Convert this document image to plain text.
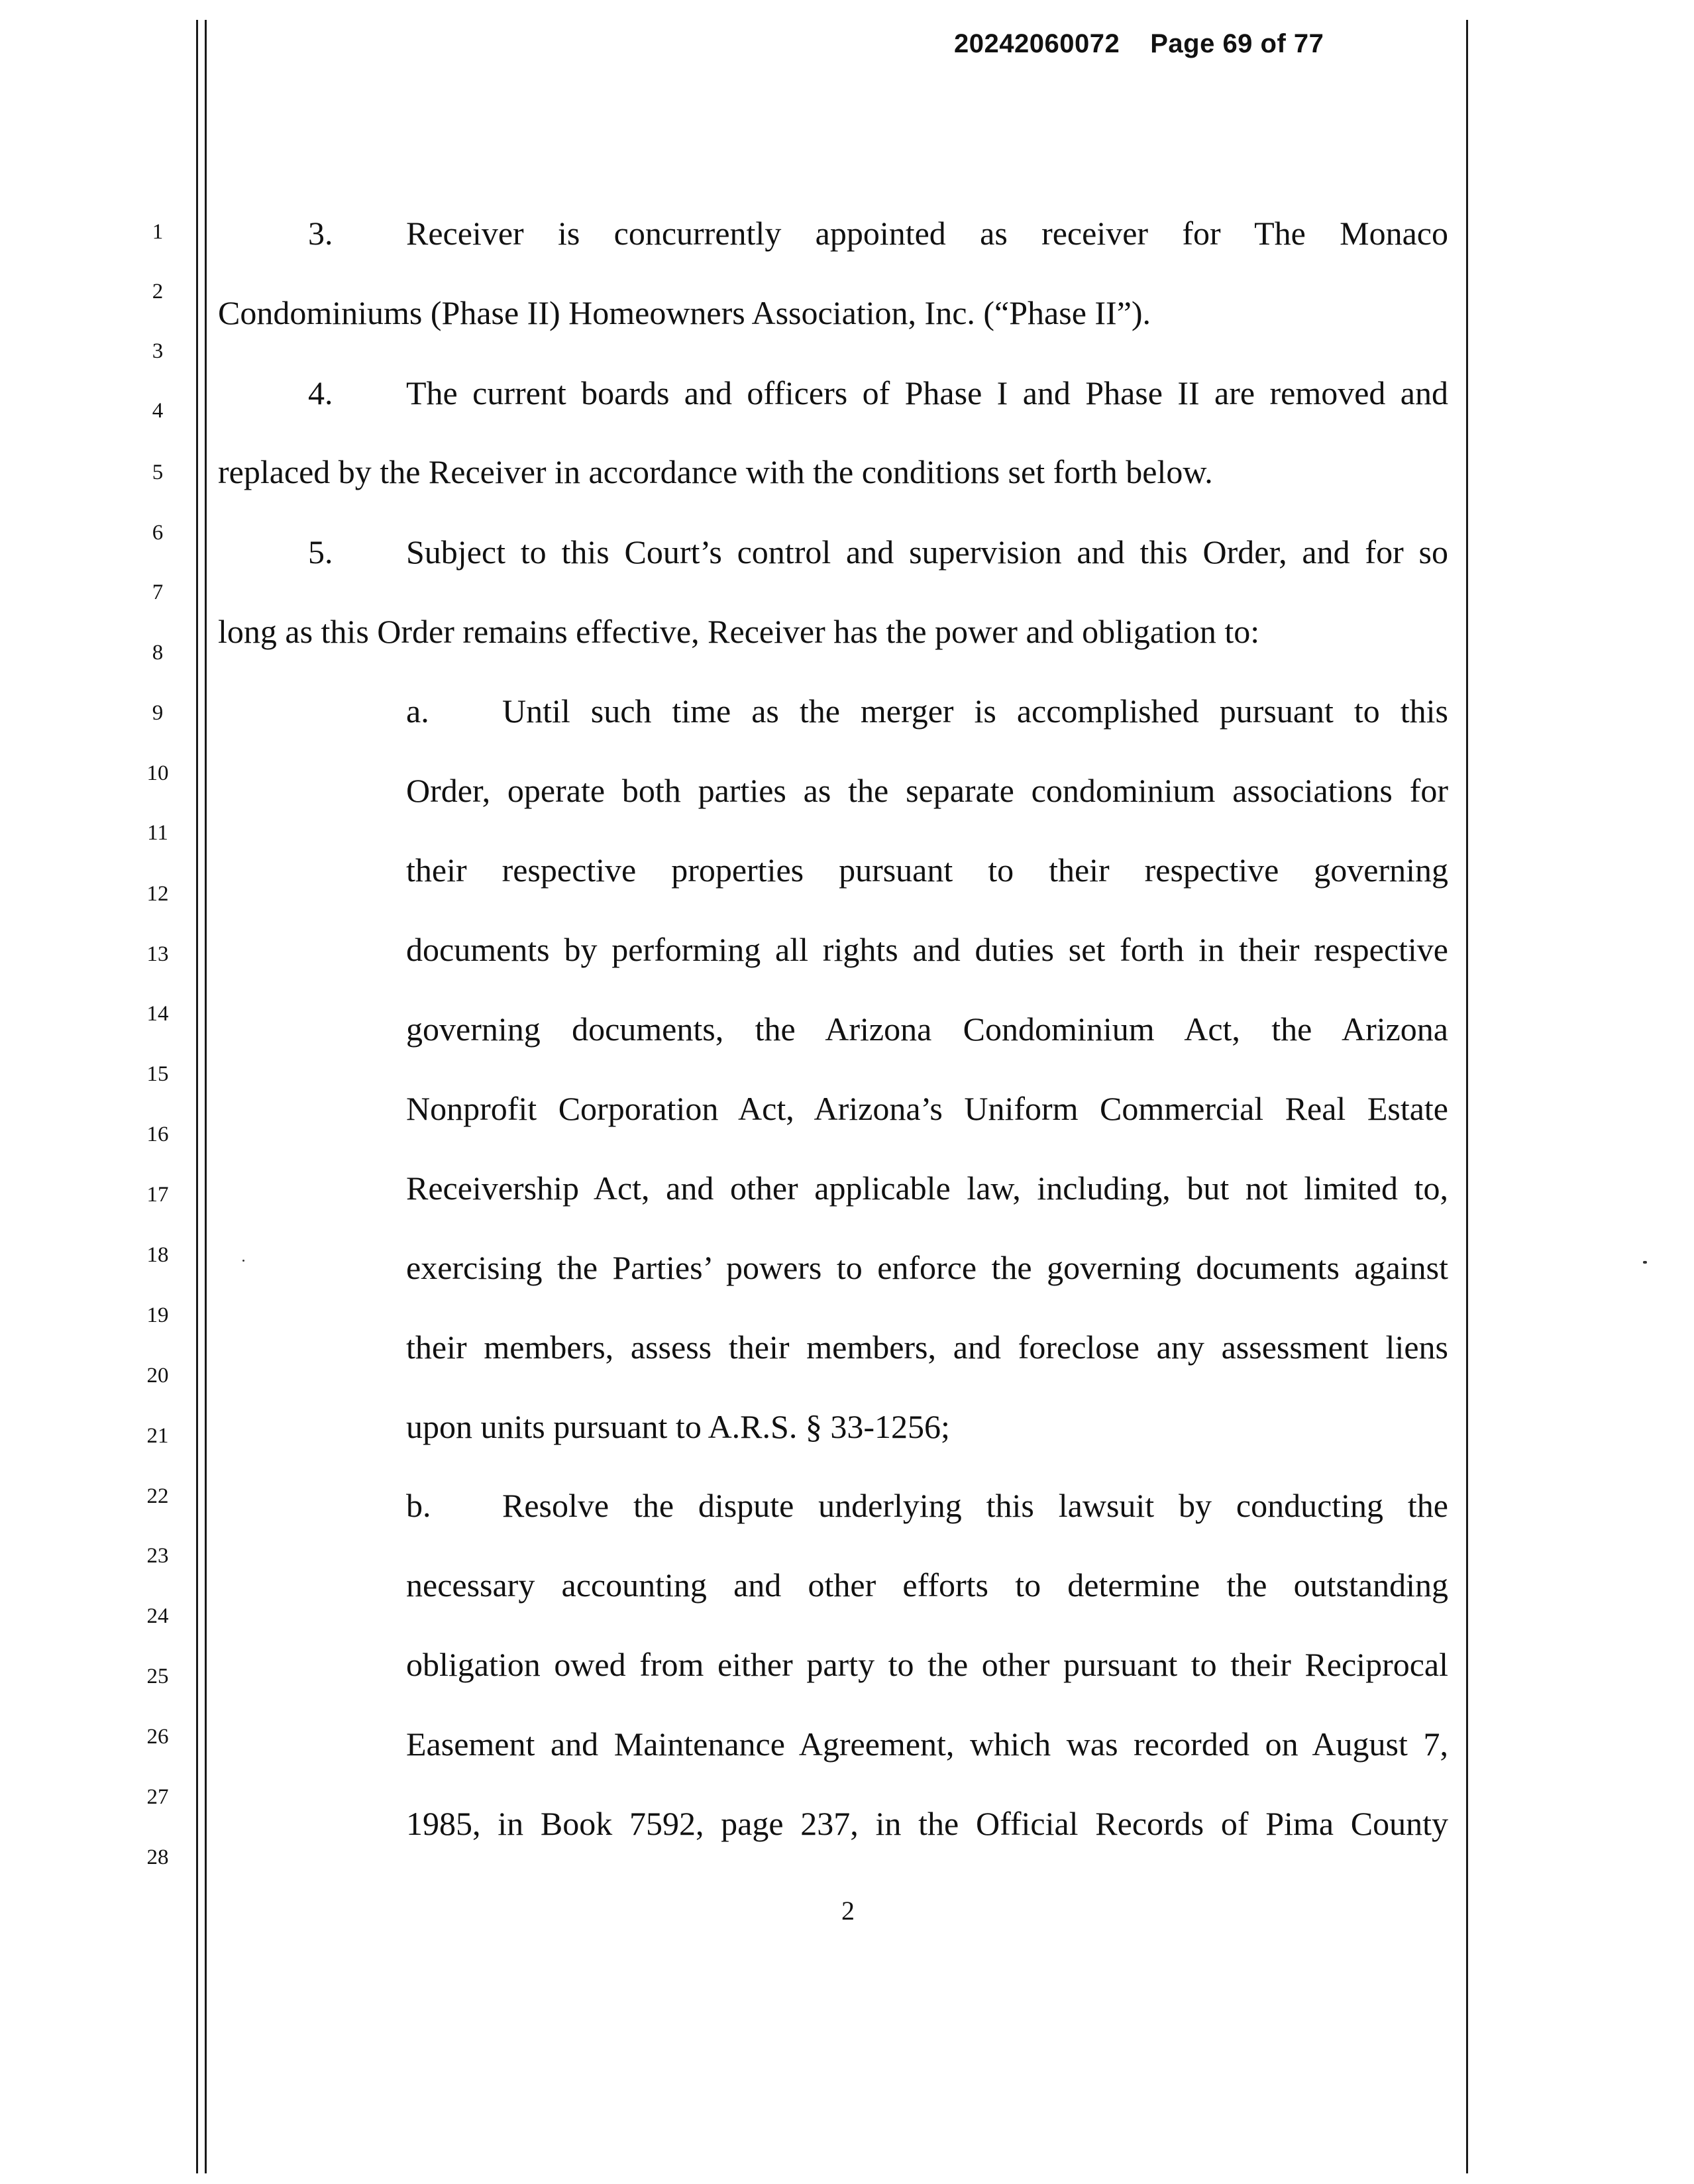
20242060072 Page 69 of 77
1
2
3
4
5
6
7
8
9
10
11
12
13
14
15
16
17
18
19
20
21
22
23
24
25
26
27
28
3. Receiver is concurrently appointed as receiver for The Monaco
Condominiums (Phase II) Homeowners Association, Inc. (“Phase II”).
4. The current boards and officers of Phase I and Phase II are removed and
replaced by the Receiver in accordance with the conditions set forth below.
5. Subject to this Court’s control and supervision and this Order, and for so
long as this Order remains effective, Receiver has the power and obligation to:
a. Until such time as the merger is accomplished pursuant to this
Order, operate both parties as the separate condominium associations for
their respective properties pursuant to their respective governing
documents by performing all rights and duties set forth in their respective
governing documents, the Arizona Condominium Act, the Arizona
Nonprofit Corporation Act, Arizona’s Uniform Commercial Real Estate
Receivership Act, and other applicable law, including, but not limited to,
exercising the Parties’ powers to enforce the governing documents against
their members, assess their members, and foreclose any assessment liens
upon units pursuant to A.R.S. § 33-1256;
b. Resolve the dispute underlying this lawsuit by conducting the
necessary accounting and other efforts to determine the outstanding
obligation owed from either party to the other pursuant to their Reciprocal
Easement and Maintenance Agreement, which was recorded on August 7,
1985, in Book 7592, page 237, in the Official Records of Pima County
2
